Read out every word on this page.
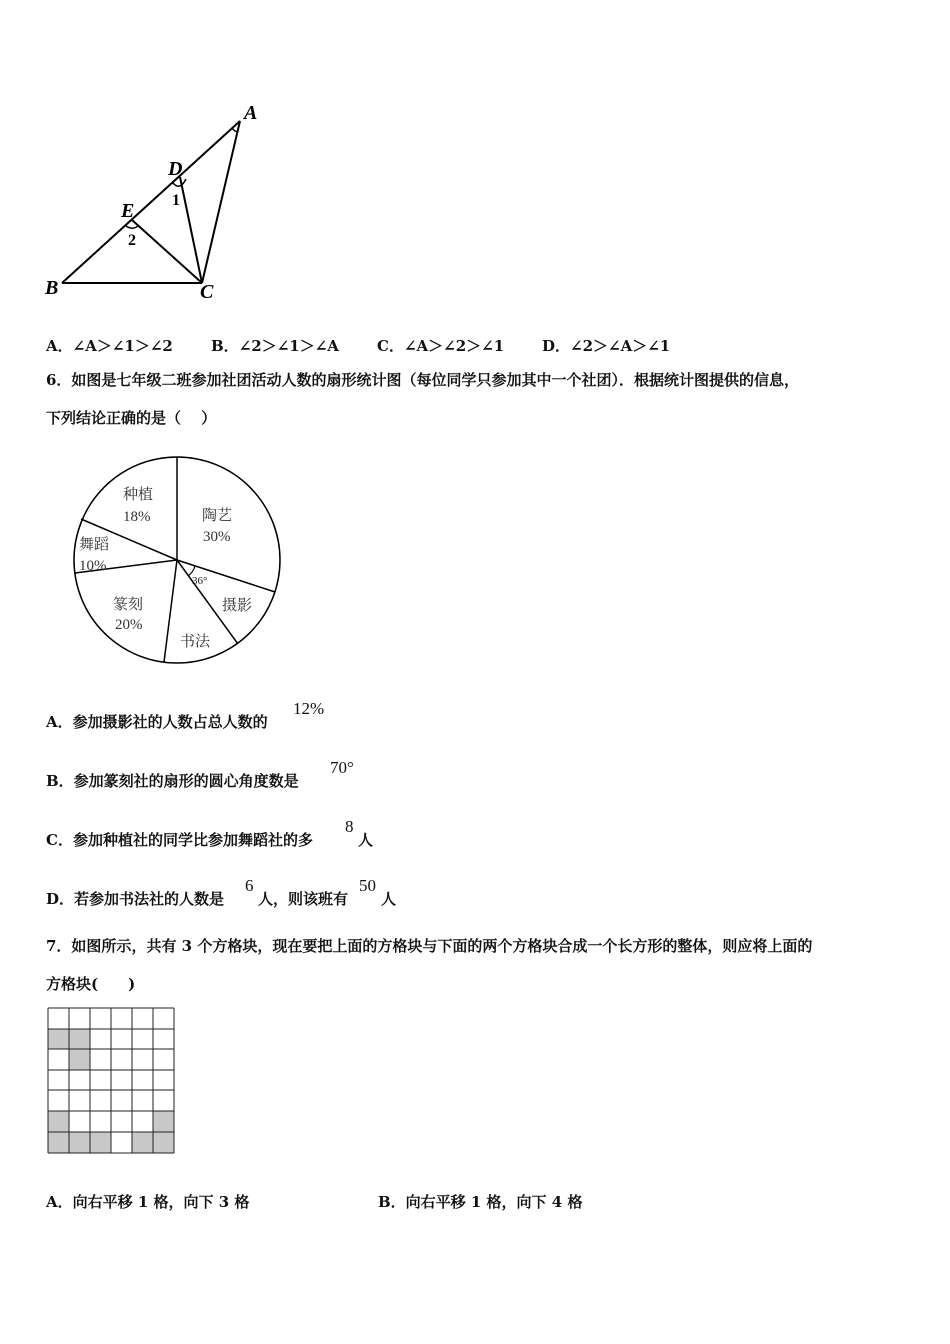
A
D
E
B	C
1
2
A．∠A＞∠1＞∠2	B．∠2＞∠1＞∠A	C．∠A＞∠2＞∠1	D．∠2＞∠A＞∠1
6．如图是七年级二班参加社团活动人数的扇形统计图（每位同学只参加其中一个社团）．根据统计图提供的信息，
下列结论正确的是（　 ）
陶艺
30%
摄影
书法
篆刻
20%
舞蹈
10%
种植
18%
36°
A．参加摄影社的人数占总人数的
12%
B．参加篆刻社的扇形的圆心角度数是
70°
C．参加种植社的同学比参加舞蹈社的多
8
人
D．若参加书法社的人数是
6
人，则该班有
50
人
7．如图所示，共有 3 个方格块，现在要把上面的方格块与下面的两个方格块合成一个长方形的整体，则应将上面的
方格块(　　)
A．向右平移 1 格，向下 3 格	B．向右平移 1 格，向下 4 格
